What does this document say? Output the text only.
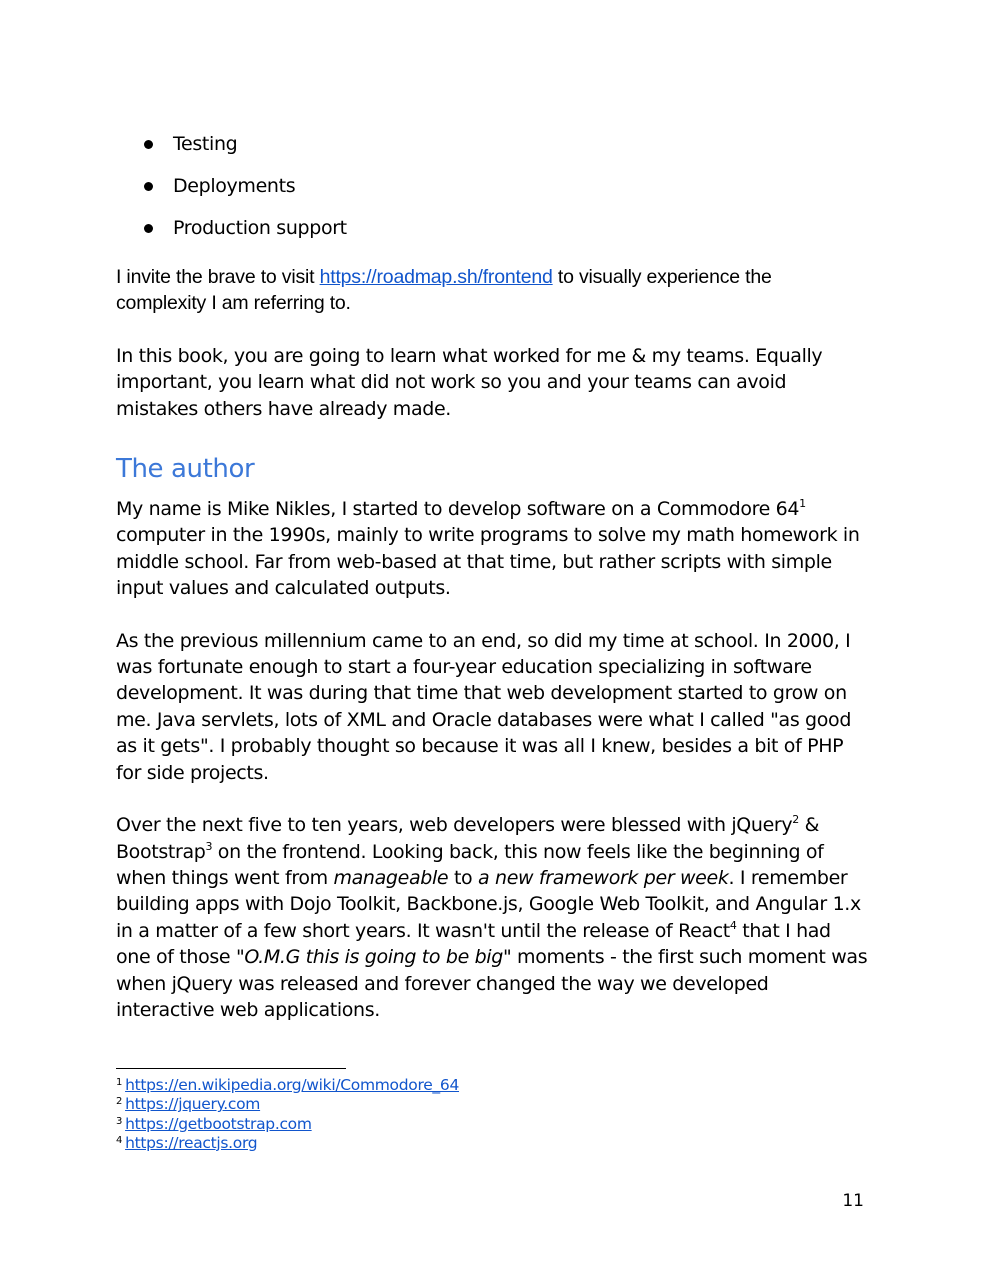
Testing
Deployments
Production support

I invite the brave to visit https://roadmap.sh/frontend to visually experience the
complexity I am referring to.

In this book, you are going to learn what worked for me & my teams. Equally important, you learn what did not work so you and your teams can avoid mistakes others have already made.

The author

My name is Mike Nikles, I started to develop software on a Commodore $64^1$ computer in the 1990s, mainly to write programs to solve my math homework in middle school. Far from web-based at that time, but rather scripts with simple input values and calculated outputs.

As the previous millennium came to an end, so did my time at school. In 2000, I was fortunate enough to start a four-year education specializing in software development. It was during that time that web development started to grow on me. Java servlets, lots of XML and Oracle databases were what I called "as good as it gets". I probably thought so because it was all I knew, besides a bit of PHP for side projects.

Over the next five to ten years, web developers were blessed with jQuery$^2$ & Bootstrap$^3$ on the frontend. Looking back, this now feels like the beginning of when things went from manageable to a new framework per week. I remember building apps with Dojo Toolkit, Backbone.js, Google Web Toolkit, and Angular 1.x in a matter of a few short years. It wasn't until the release of React$^4$ that I had one of those "O.M.G this is going to be big" moments - the first such moment was when jQuery was released and forever changed the way we developed interactive web applications.

$^1$ https://en.wikipedia.org/wiki/Commodore_64
$^2$ https://jquery.com
$^3$ https://getbootstrap.com
$^4$ https://reactjs.org
11
